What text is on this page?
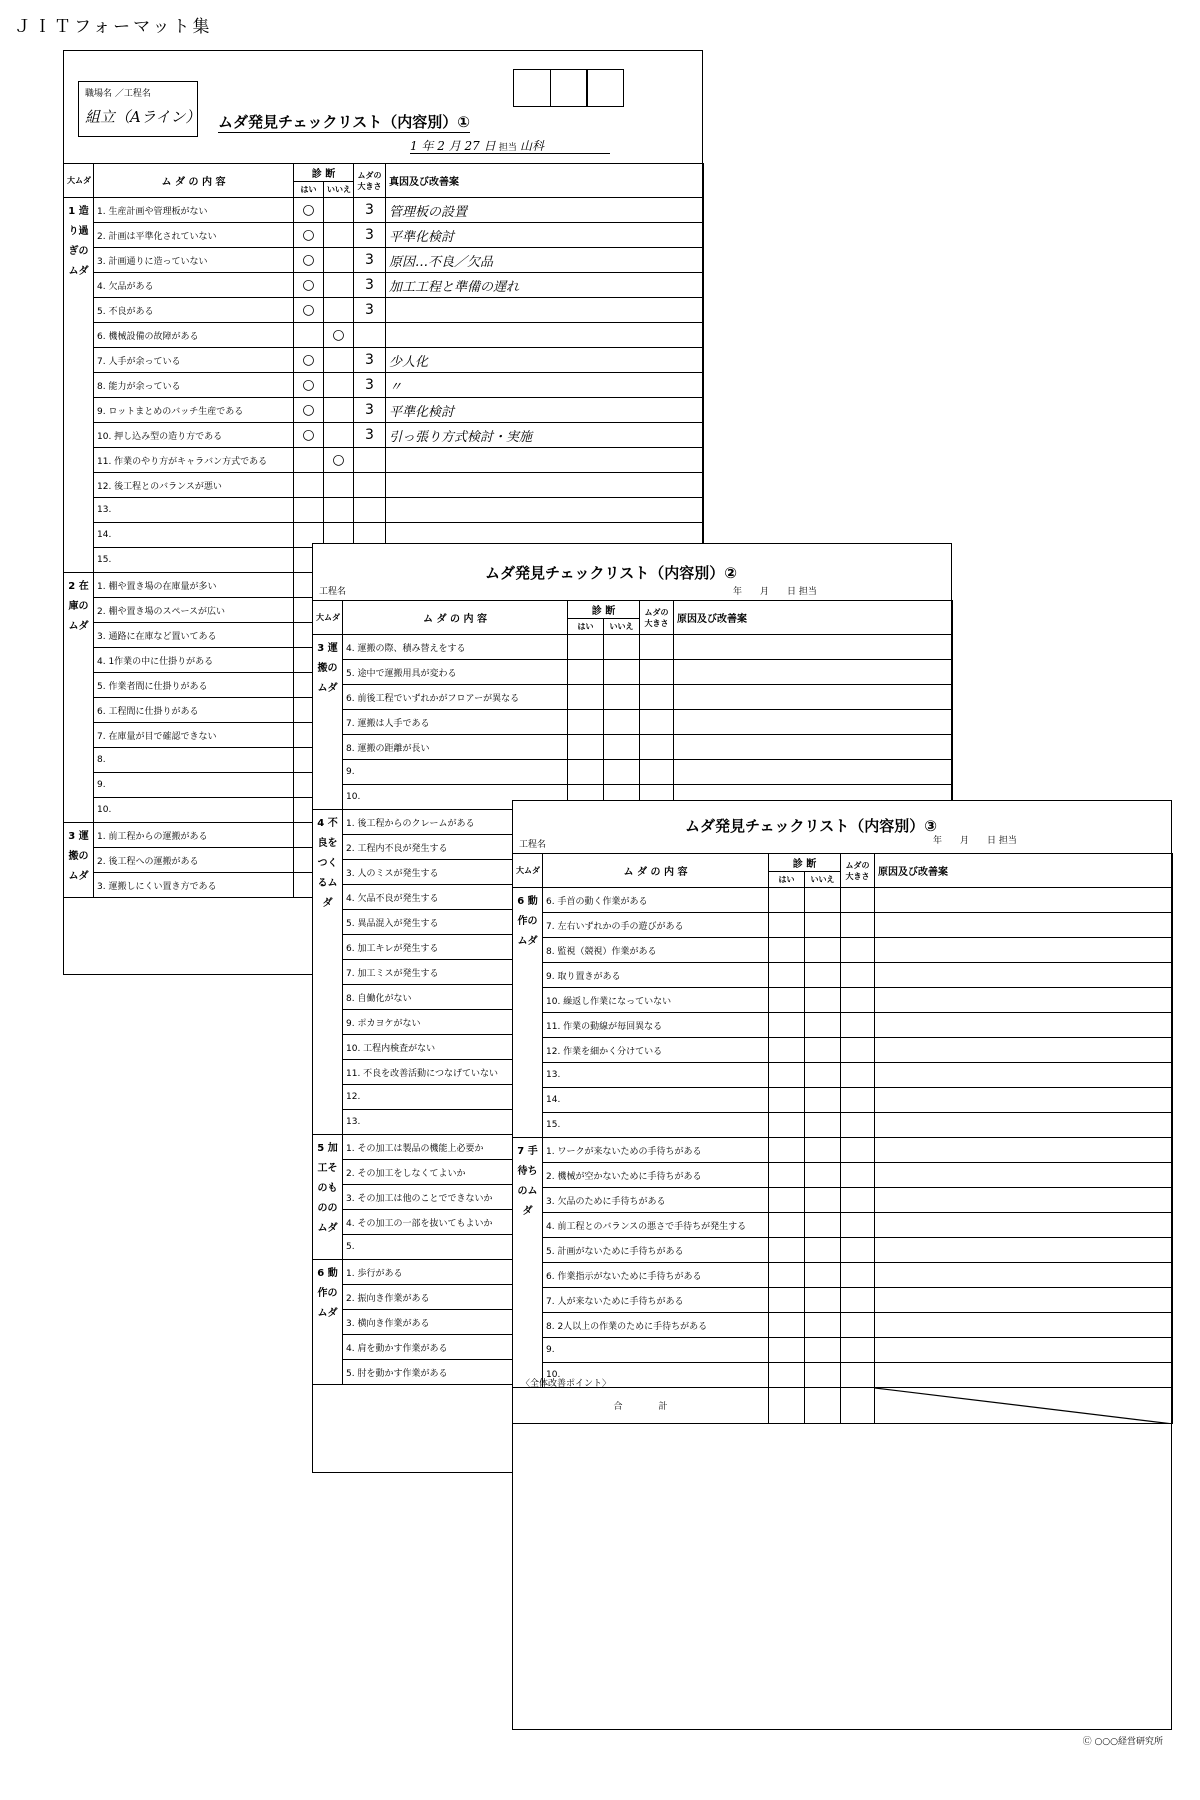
ＪＩＴフォーマット集
職場名 ／工程名
組立（Aライン） ムダ発見チェックリスト（内容別）①
1 年 2 月 27 日 担当 山科
大ムダ	ム ダ の 内 容	診 断		ムダの大きさ	真因及び改善案
		はい	いいえ		
1 造り過ぎのムダ	1. 生産計画や管理板がない	○		3	管理板の設置
	2. 計画は平準化されていない	○		3	平準化検討
	3. 計画通りに造っていない	○		3	原因…不良／欠品
	4. 欠品がある	○		3	加工工程と準備の遅れ
	5. 不良がある	○		3	
	6. 機械設備の故障がある		○		
	7. 人手が余っている	○		3	少人化
	8. 能力が余っている	○		3	〃
	9. ロットまとめのバッチ生産である	○		3	平準化検討
	10. 押し込み型の造り方である	○		3	引っ張り方式検討・実施
	11. 作業のやり方がキャラバン方式である		○		
	12. 後工程とのバランスが悪い				
	13.				
	14.				
	15.				
2 在庫のムダ	1. 棚や置き場の在庫量が多い				
	2. 棚や置き場のスペースが広い				
	3. 通路に在庫など置いてある				
	4. 1作業の中に仕掛りがある				
	5. 作業者間に仕掛りがある				
	6. 工程間に仕掛りがある				
	7. 在庫量が目で確認できない				
	8.				
	9.				
	10.				
3 運搬のムダ	1. 前工程からの運搬がある				
	2. 後工程への運搬がある				
	3. 運搬しにくい置き方である				
ムダ発見チェックリスト（内容別）②
工程名	年　　月　　日 担当
大ムダ	ム ダ の 内 容	診 断		ムダの大きさ	原因及び改善案
		はい	いいえ		
3 運搬のムダ	4. 運搬の際、積み替えをする				
	5. 途中で運搬用具が変わる				
	6. 前後工程でいずれかがフロアーが異なる				
	7. 運搬は人手である				
	8. 運搬の距離が長い				
	9.				
	10.				
4 不良をつくるムダ	1. 後工程からのクレームがある				
	2. 工程内不良が発生する				
	3. 人のミスが発生する				
	4. 欠品不良が発生する				
	5. 異品混入が発生する				
	6. 加工キレが発生する				
	7. 加工ミスが発生する				
	8. 自働化がない				
	9. ポカヨケがない				
	10. 工程内検査がない				
	11. 不良を改善活動につなげていない				
	12.				
	13.				
5 加工そのもののムダ	1. その加工は製品の機能上必要か				
	2. その加工をしなくてよいか				
	3. その加工は他のことでできないか				
	4. その加工の一部を抜いてもよいか				
	5.				
6 動作のムダ	1. 歩行がある				
	2. 振向き作業がある				
	3. 横向き作業がある				
	4. 肩を動かす作業がある				
	5. 肘を動かす作業がある				
ムダ発見チェックリスト（内容別）③
工程名	年　　月　　日 担当
大ムダ	ム ダ の 内 容	診 断		ムダの大きさ	原因及び改善案
		はい	いいえ		
6 動作のムダ	6. 手首の動く作業がある				
	7. 左右いずれかの手の遊びがある				
	8. 監視（競視）作業がある				
	9. 取り置きがある				
	10. 繰返し作業になっていない				
	11. 作業の動線が毎回異なる				
	12. 作業を細かく分けている				
	13.				
	14.				
	15.				
7 手待ちのムダ	1. ワークが来ないための手待ちがある				
	2. 機械が空かないために手待ちがある				
	3. 欠品のために手待ちがある				
	4. 前工程とのバランスの悪さで手待ちが発生する				
	5. 計画がないために手待ちがある				
	6. 作業指示がないために手待ちがある				
	7. 人が来ないために手待ちがある				
	8. 2人以上の作業のために手待ちがある				
	9.				
	10.				
合　　　　計				
〈全体改善ポイント〉
Ⓒ ○○○経営研究所
